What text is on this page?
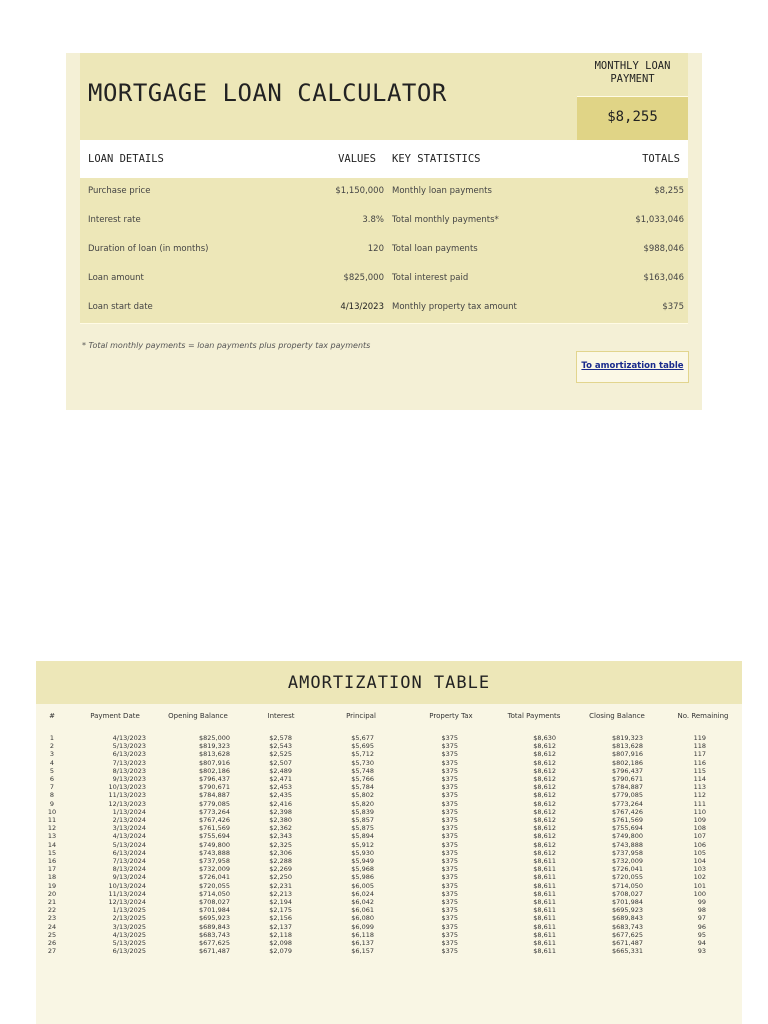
MORTGAGE LOAN CALCULATOR
MONTHLY LOAN PAYMENT
$8,255
LOAN DETAILS	VALUES KEY STATISTICS	TOTALS
Purchase price	$1,150,000 Monthly loan payments	$8,255
Interest rate	3.8% Total monthly payments*	$1,033,046
Duration of loan (in months)	120 Total loan payments	$988,046
Loan amount	$825,000 Total interest paid	$163,046
Loan start date	4/13/2023 Monthly property tax amount	$375
* Total monthly payments = loan payments plus property tax payments
To amortization table
AMORTIZATION TABLE
#	Payment Date	Opening Balance	Interest	Principal	Property Tax	Total Payments	Closing Balance	No. Remaining
1	4/13/2023	$825,000	$2,578	$5,677	$375	$8,630	$819,323	119
2	5/13/2023	$819,323	$2,543	$5,695	$375	$8,612	$813,628	118
3	6/13/2023	$813,628	$2,525	$5,712	$375	$8,612	$807,916	117
4	7/13/2023	$807,916	$2,507	$5,730	$375	$8,612	$802,186	116
5	8/13/2023	$802,186	$2,489	$5,748	$375	$8,612	$796,437	115
6	9/13/2023	$796,437	$2,471	$5,766	$375	$8,612	$790,671	114
7	10/13/2023	$790,671	$2,453	$5,784	$375	$8,612	$784,887	113
8	11/13/2023	$784,887	$2,435	$5,802	$375	$8,612	$779,085	112
9	12/13/2023	$779,085	$2,416	$5,820	$375	$8,612	$773,264	111
10	1/13/2024	$773,264	$2,398	$5,839	$375	$8,612	$767,426	110
11	2/13/2024	$767,426	$2,380	$5,857	$375	$8,612	$761,569	109
12	3/13/2024	$761,569	$2,362	$5,875	$375	$8,612	$755,694	108
13	4/13/2024	$755,694	$2,343	$5,894	$375	$8,612	$749,800	107
14	5/13/2024	$749,800	$2,325	$5,912	$375	$8,612	$743,888	106
15	6/13/2024	$743,888	$2,306	$5,930	$375	$8,612	$737,958	105
16	7/13/2024	$737,958	$2,288	$5,949	$375	$8,611	$732,009	104
17	8/13/2024	$732,009	$2,269	$5,968	$375	$8,611	$726,041	103
18	9/13/2024	$726,041	$2,250	$5,986	$375	$8,611	$720,055	102
19	10/13/2024	$720,055	$2,231	$6,005	$375	$8,611	$714,050	101
20	11/13/2024	$714,050	$2,213	$6,024	$375	$8,611	$708,027	100
21	12/13/2024	$708,027	$2,194	$6,042	$375	$8,611	$701,984	99
22	1/13/2025	$701,984	$2,175	$6,061	$375	$8,611	$695,923	98
23	2/13/2025	$695,923	$2,156	$6,080	$375	$8,611	$689,843	97
24	3/13/2025	$689,843	$2,137	$6,099	$375	$8,611	$683,743	96
25	4/13/2025	$683,743	$2,118	$6,118	$375	$8,611	$677,625	95
26	5/13/2025	$677,625	$2,098	$6,137	$375	$8,611	$671,487	94
27	6/13/2025	$671,487	$2,079	$6,157	$375	$8,611	$665,331	93
